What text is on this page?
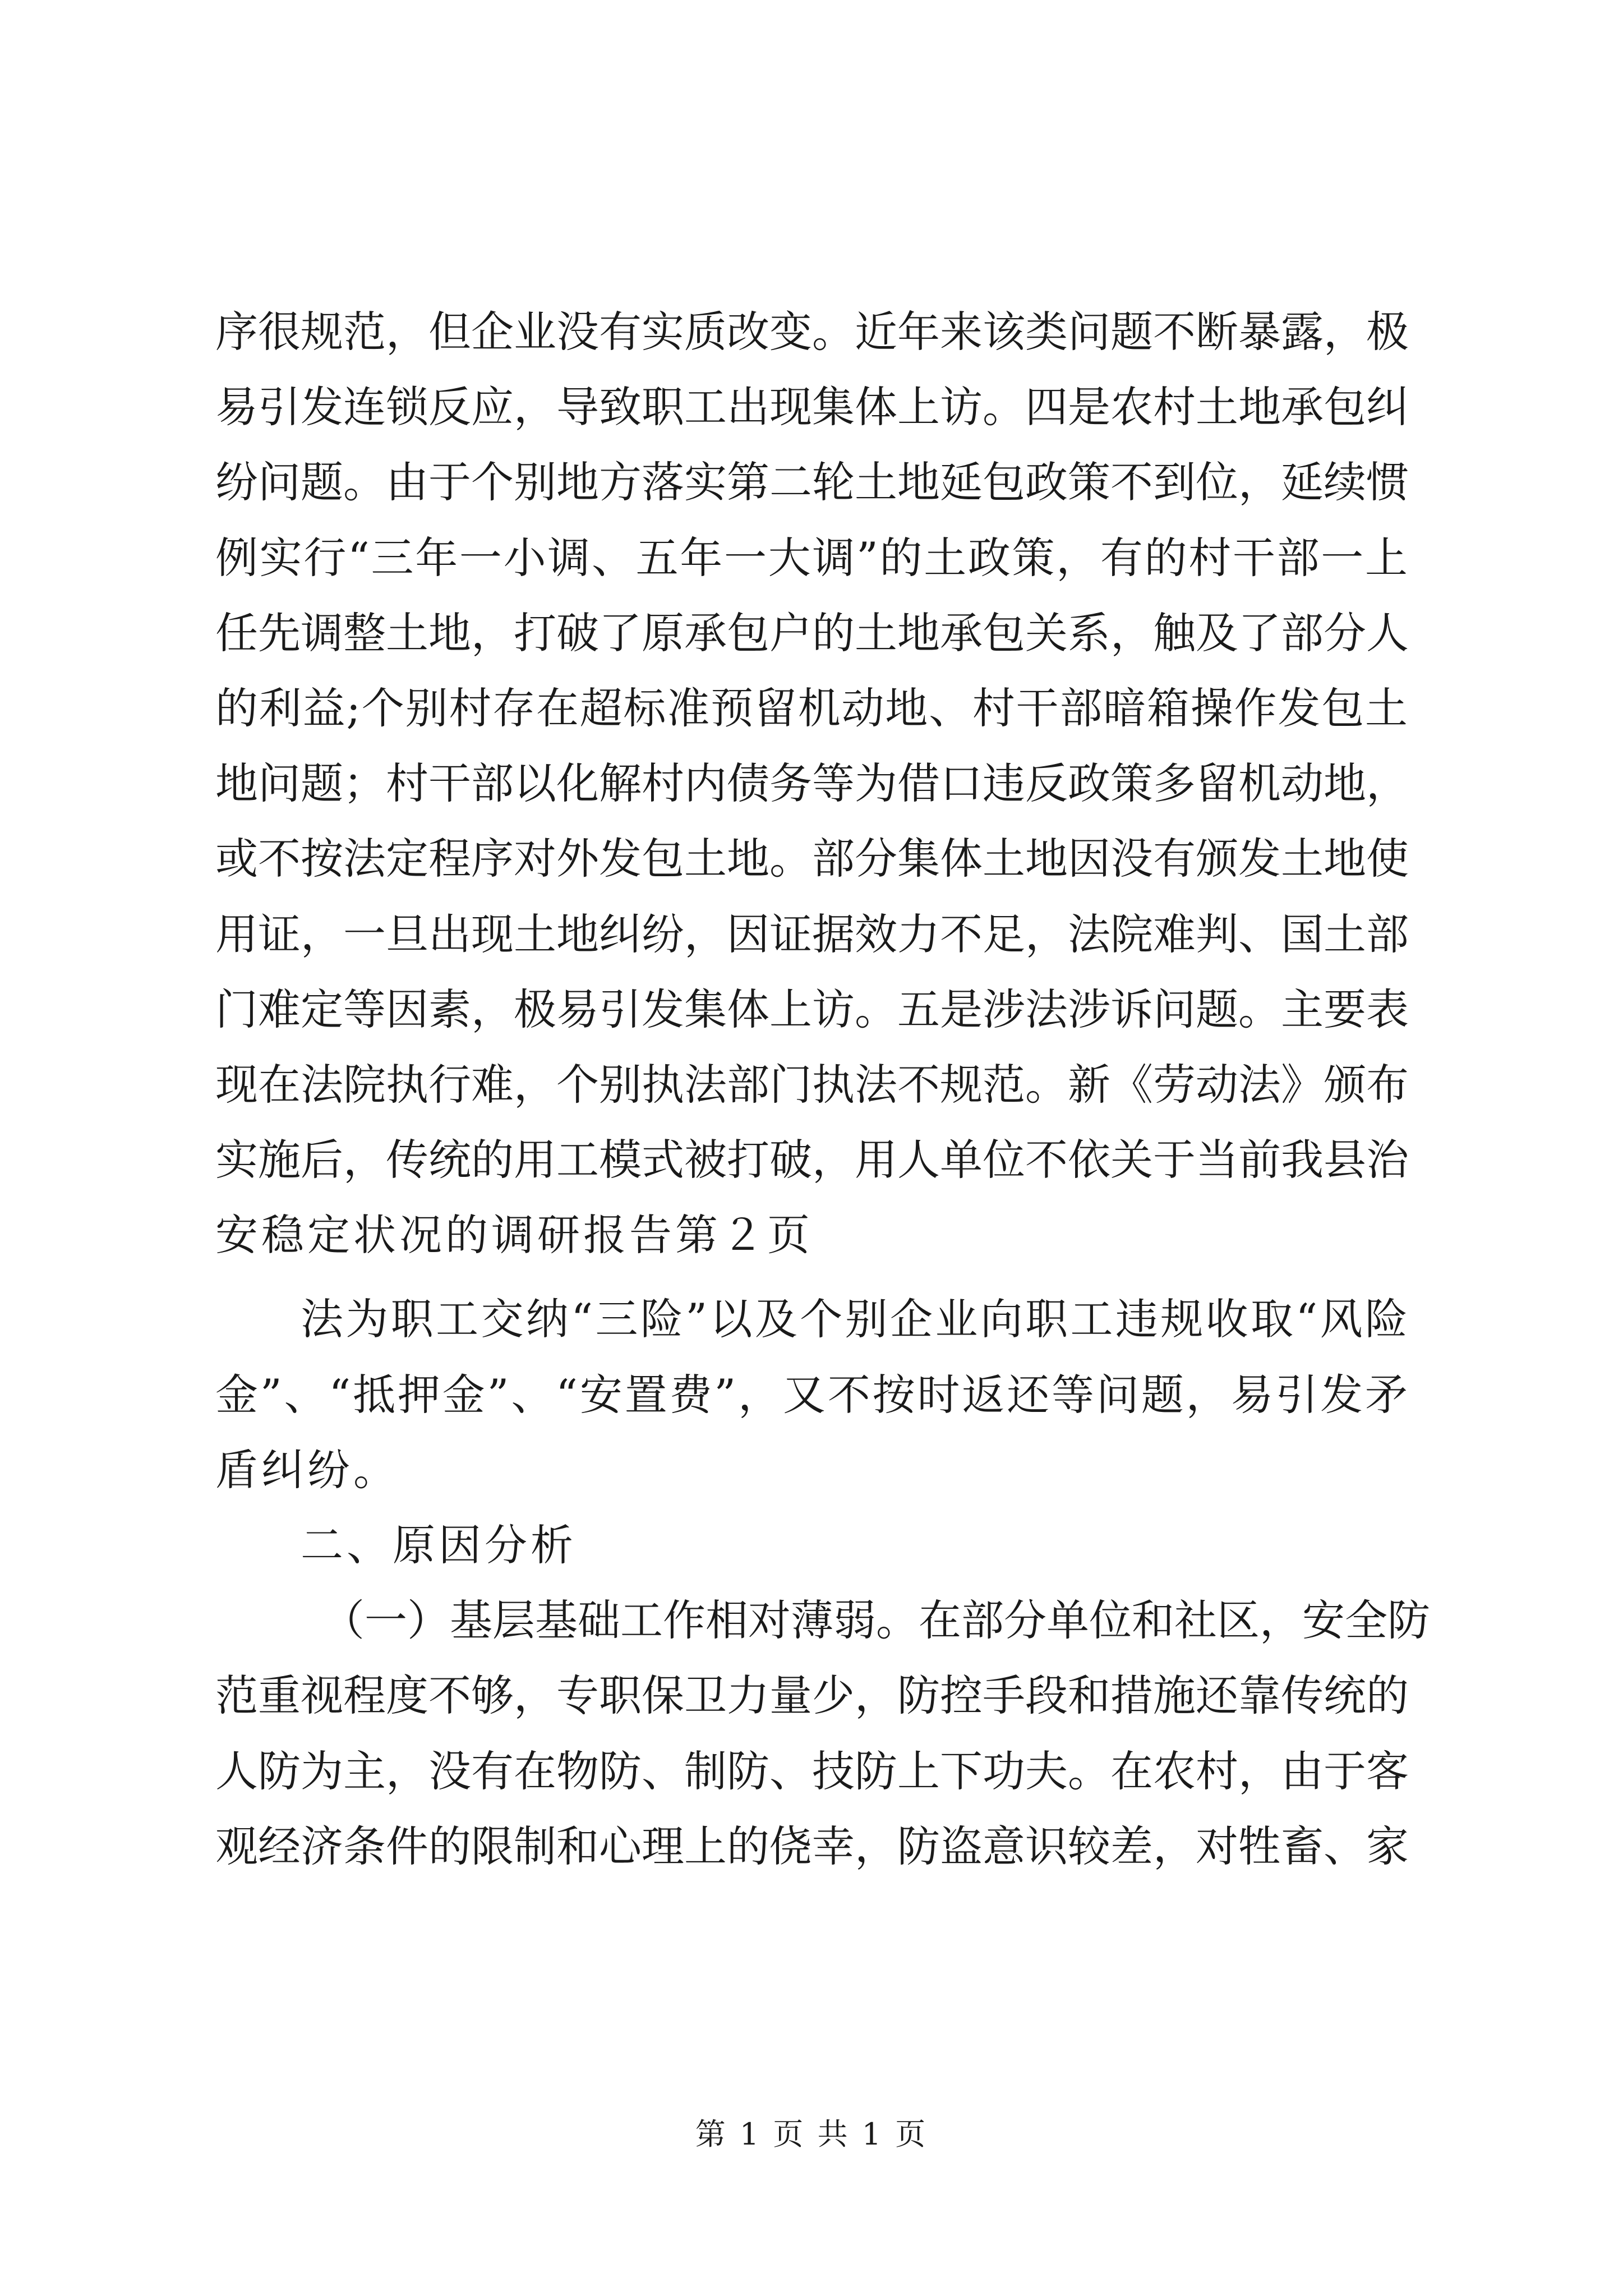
序很规范，但企业没有实质改变。近年来该类问题不断暴露，极
易引发连锁反应，导致职工出现集体上访。四是农村土地承包纠
纷问题。由于个别地方落实第二轮土地延包政策不到位，延续惯
例实行“三年一小调、五年一大调”的土政策，有的村干部一上
任先调整土地，打破了原承包户的土地承包关系，触及了部分人
的利益;个别村存在超标准预留机动地、村干部暗箱操作发包土
地问题；村干部以化解村内债务等为借口违反政策多留机动地，
或不按法定程序对外发包土地。部分集体土地因没有颁发土地使
用证，一旦出现土地纠纷，因证据效力不足，法院难判、国土部
门难定等因素，极易引发集体上访。五是涉法涉诉问题。主要表
现在法院执行难，个别执法部门执法不规范。新《劳动法》颁布
实施后，传统的用工模式被打破，用人单位不依关于当前我县治
安稳定状况的调研报告第２页
法为职工交纳“三险”以及个别企业向职工违规收取“风险
金”、“抵押金”、“安置费”，又不按时返还等问题，易引发矛
盾纠纷。
二、原因分析
（一）基层基础工作相对薄弱。在部分单位和社区，安全防
范重视程度不够，专职保卫力量少，防控手段和措施还靠传统的
人防为主，没有在物防、制防、技防上下功夫。在农村，由于客
观经济条件的限制和心理上的侥幸，防盗意识较差，对牲畜、家
第 1 页 共 1 页
